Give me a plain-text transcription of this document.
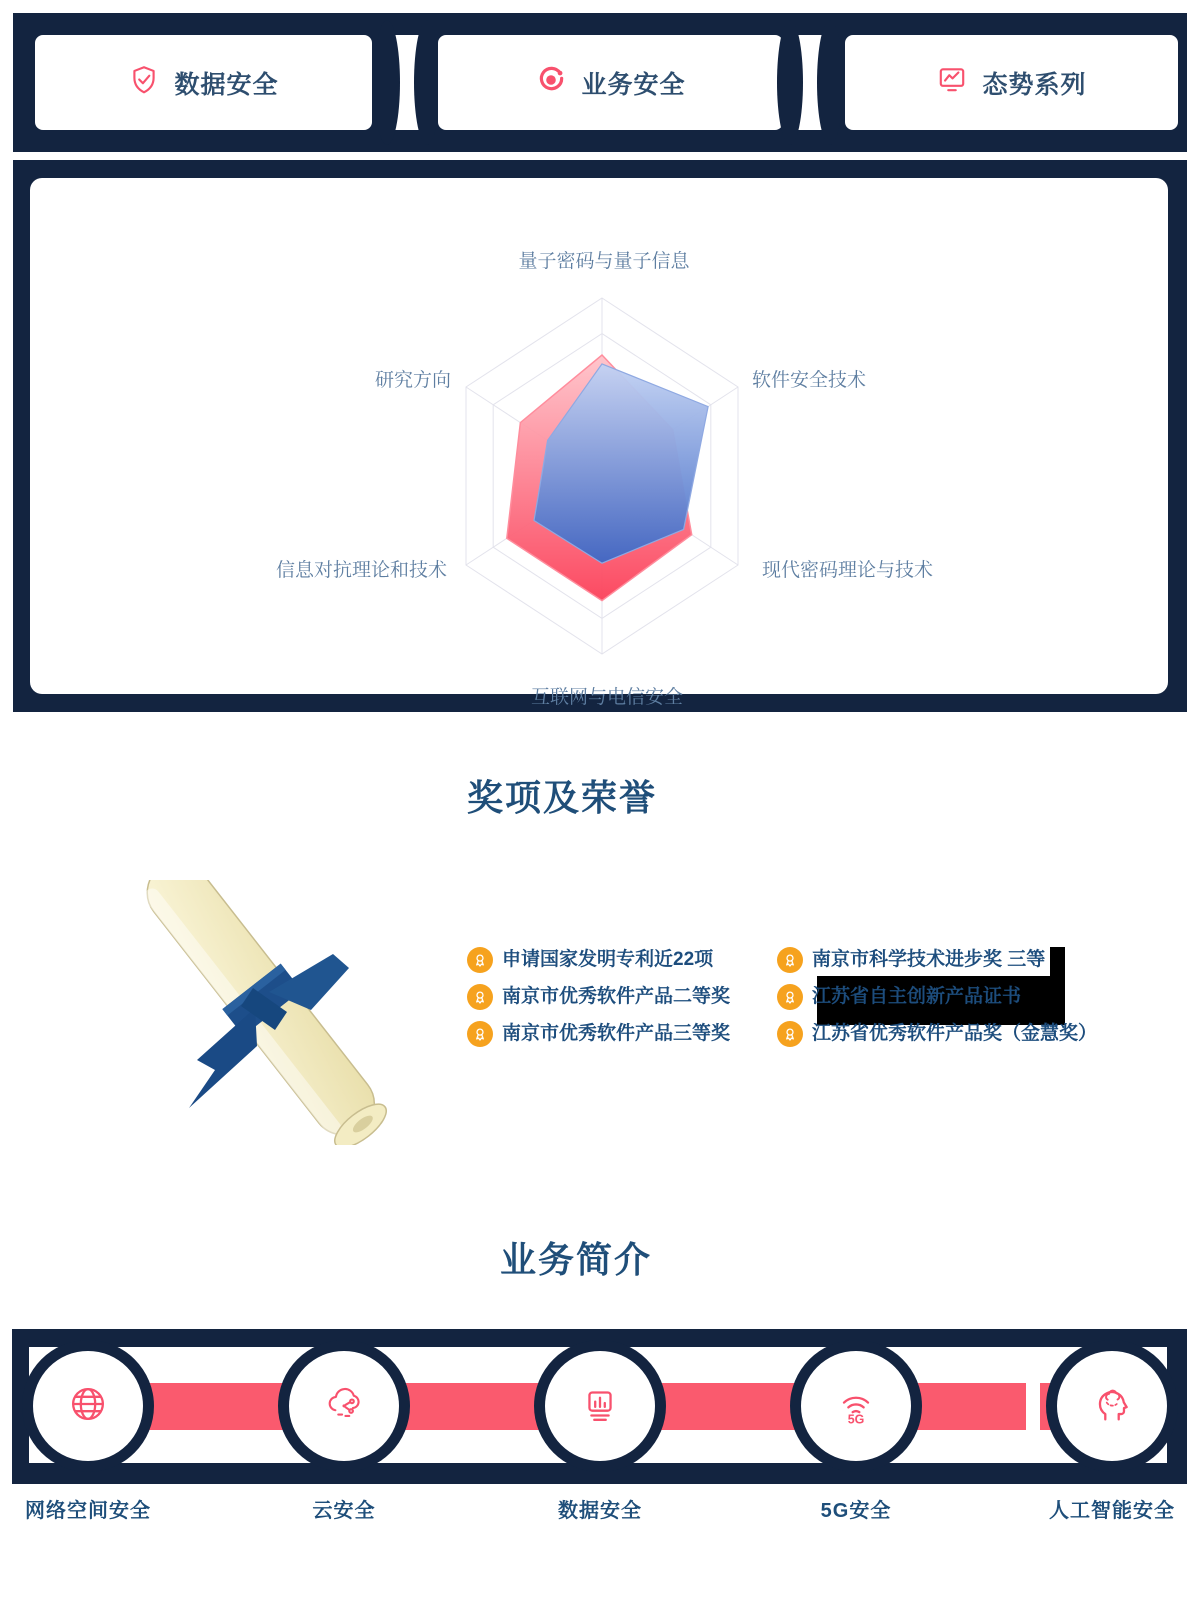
数据安全	业务安全	态势系列
量子密码与量子信息
软件安全技术
现代密码理论与技术
互联网与电信安全
信息对抗理论和技术
研究方向
奖项及荣誉
申请国家发明专利近22项
南京市优秀软件产品二等奖
南京市优秀软件产品三等奖
南京市科学技术进步奖 三等
江苏省自主创新产品证书
江苏省优秀软件产品奖（金慧奖）
业务简介
5G
网络空间安全	云安全	数据安全	5G安全	人工智能安全
